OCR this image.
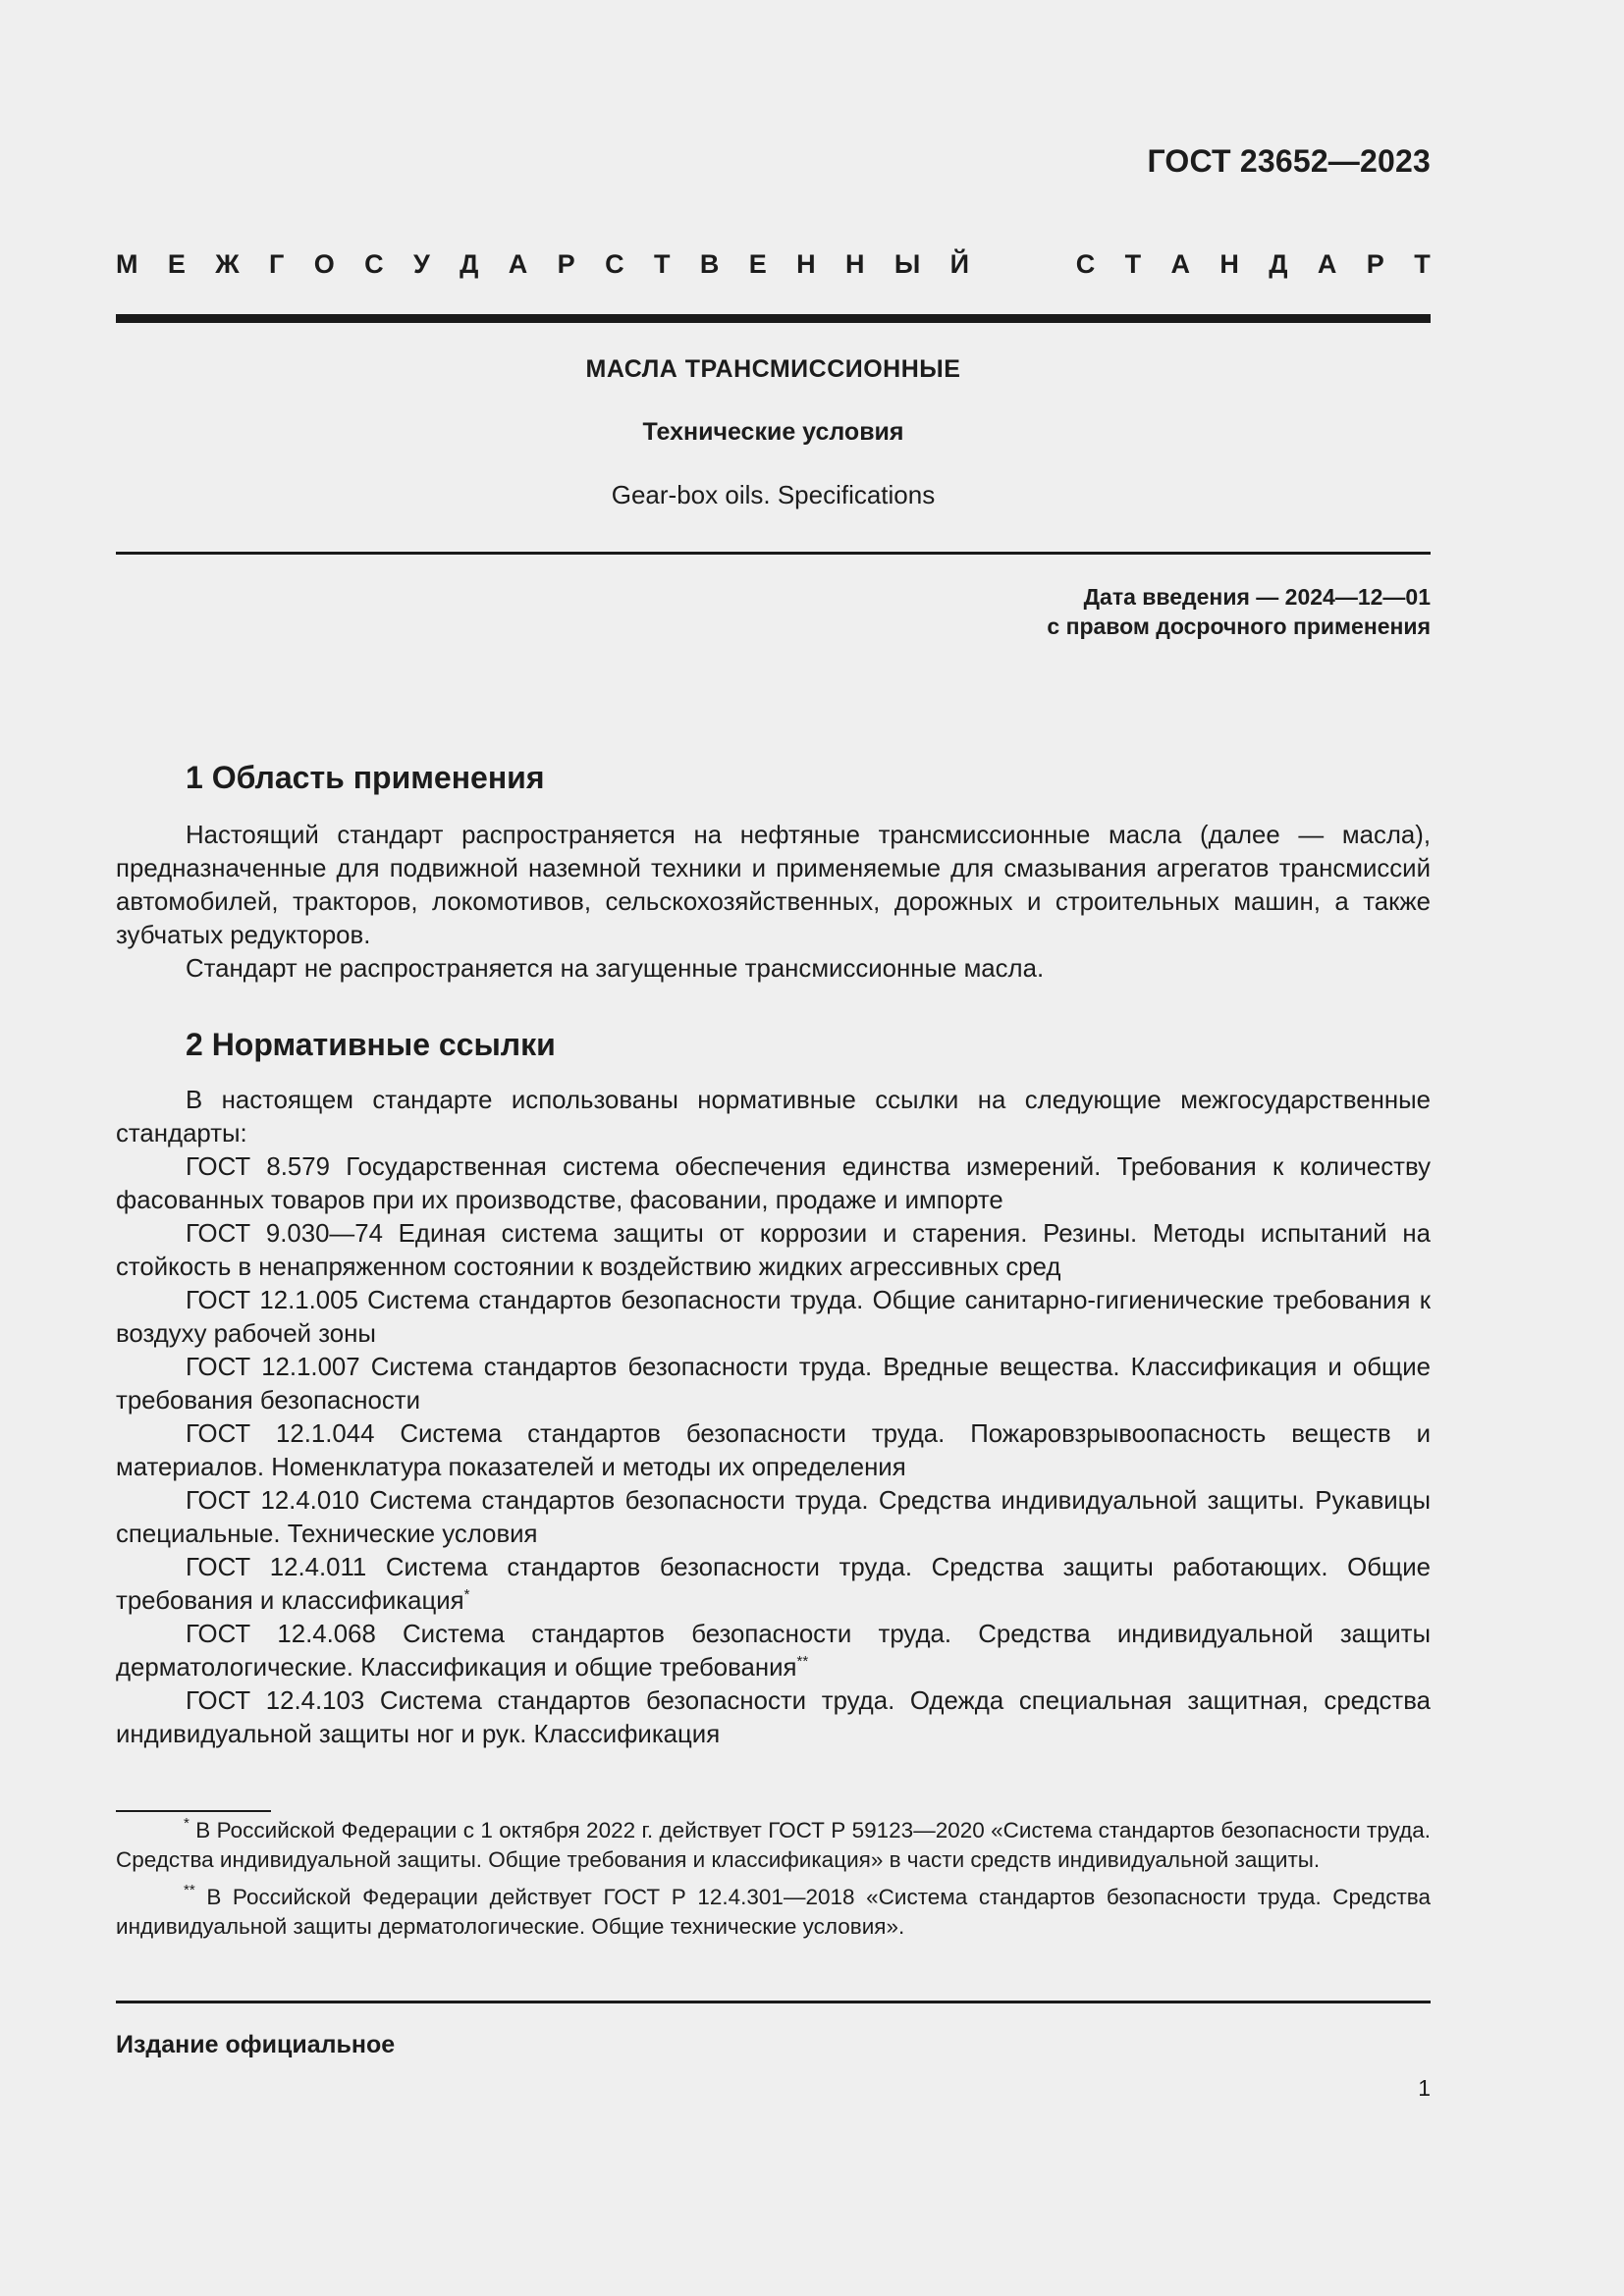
ГОСТ 23652—2023
М Е Ж Г О С У Д А Р С Т В Е Н Н Ы Й	С Т А Н Д А Р Т
МАСЛА ТРАНСМИССИОННЫЕ
Технические условия
Gear-box oils. Specifications
Дата введения — 2024—12—01
с правом досрочного применения
1 Область применения

Настоящий стандарт распространяется на нефтяные трансмиссионные масла (далее — масла), предназначенные для подвижной наземной техники и применяемые для смазывания агрегатов трансмиссий автомобилей, тракторов, локомотивов, сельскохозяйственных, дорожных и строительных машин, а также зубчатых редукторов.

Стандарт не распространяется на загущенные трансмиссионные масла.

2 Нормативные ссылки

В настоящем стандарте использованы нормативные ссылки на следующие межгосударственные стандарты:

ГОСТ 8.579 Государственная система обеспечения единства измерений. Требования к количеству фасованных товаров при их производстве, фасовании, продаже и импорте

ГОСТ 9.030—74 Единая система защиты от коррозии и старения. Резины. Методы испытаний на стойкость в ненапряженном состоянии к воздействию жидких агрессивных сред

ГОСТ 12.1.005 Система стандартов безопасности труда. Общие санитарно-гигиенические требования к воздуху рабочей зоны

ГОСТ 12.1.007 Система стандартов безопасности труда. Вредные вещества. Классификация и общие требования безопасности

ГОСТ 12.1.044 Система стандартов безопасности труда. Пожаровзрывоопасность веществ и материалов. Номенклатура показателей и методы их определения

ГОСТ 12.4.010 Система стандартов безопасности труда. Средства индивидуальной защиты. Рукавицы специальные. Технические условия

ГОСТ 12.4.011 Система стандартов безопасности труда. Средства защиты работающих. Общие требования и классификация*

ГОСТ 12.4.068 Система стандартов безопасности труда. Средства индивидуальной защиты дерматологические. Классификация и общие требования**

ГОСТ 12.4.103 Система стандартов безопасности труда. Одежда специальная защитная, средства индивидуальной защиты ног и рук. Классификация

* В Российской Федерации с 1 октября 2022 г. действует ГОСТ Р 59123—2020 «Система стандартов безопасности труда. Средства индивидуальной защиты. Общие требования и классификация» в части средств индивидуальной защиты.

** В Российской Федерации действует ГОСТ Р 12.4.301—2018 «Система стандартов безопасности труда. Средства индивидуальной защиты дерматологические. Общие технические условия».

Издание официальное
1
